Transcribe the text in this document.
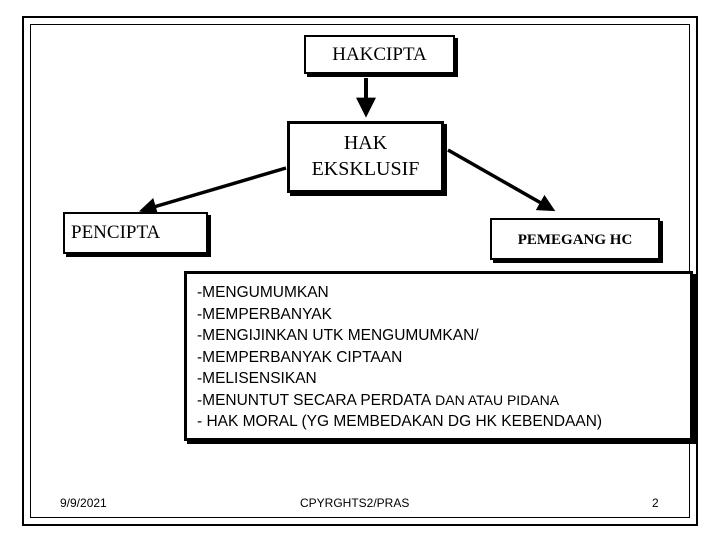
HAKCIPTA
HAK
EKSKLUSIF
PENCIPTA	PEMEGANG HC
-MENGUMUMKAN
-MEMPERBANYAK
-MENGIJINKAN UTK MENGUMUMKAN/
-MEMPERBANYAK CIPTAAN
-MELISENSIKAN
-MENUNTUT SECARA PERDATA DAN ATAU PIDANA
- HAK MORAL (YG MEMBEDAKAN DG HK KEBENDAAN)
9/9/2021	CPYRGHTS2/PRAS	2
